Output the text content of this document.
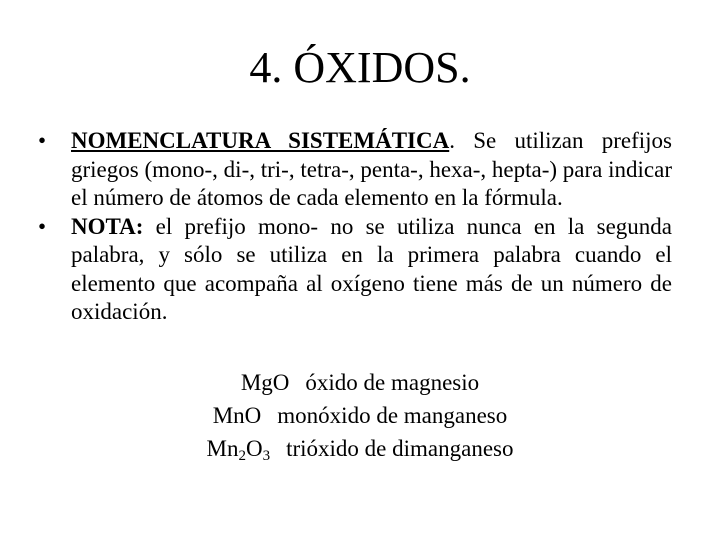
4. ÓXIDOS.
• NOMENCLATURA SISTEMÁTICA. Se utilizan prefijos griegos (mono-, di-, tri-, tetra-, penta-, hexa-, hepta-) para indicar el número de átomos de cada elemento en la fórmula.
• NOTA: el prefijo mono- no se utiliza nunca en la segunda palabra, y sólo se utiliza en la primera palabra cuando el elemento que acompaña al oxígeno tiene más de un número de oxidación.
MgO óxido de magnesio
MnO monóxido de manganeso
$Mn_2O_3$ trióxido de dimanganeso
